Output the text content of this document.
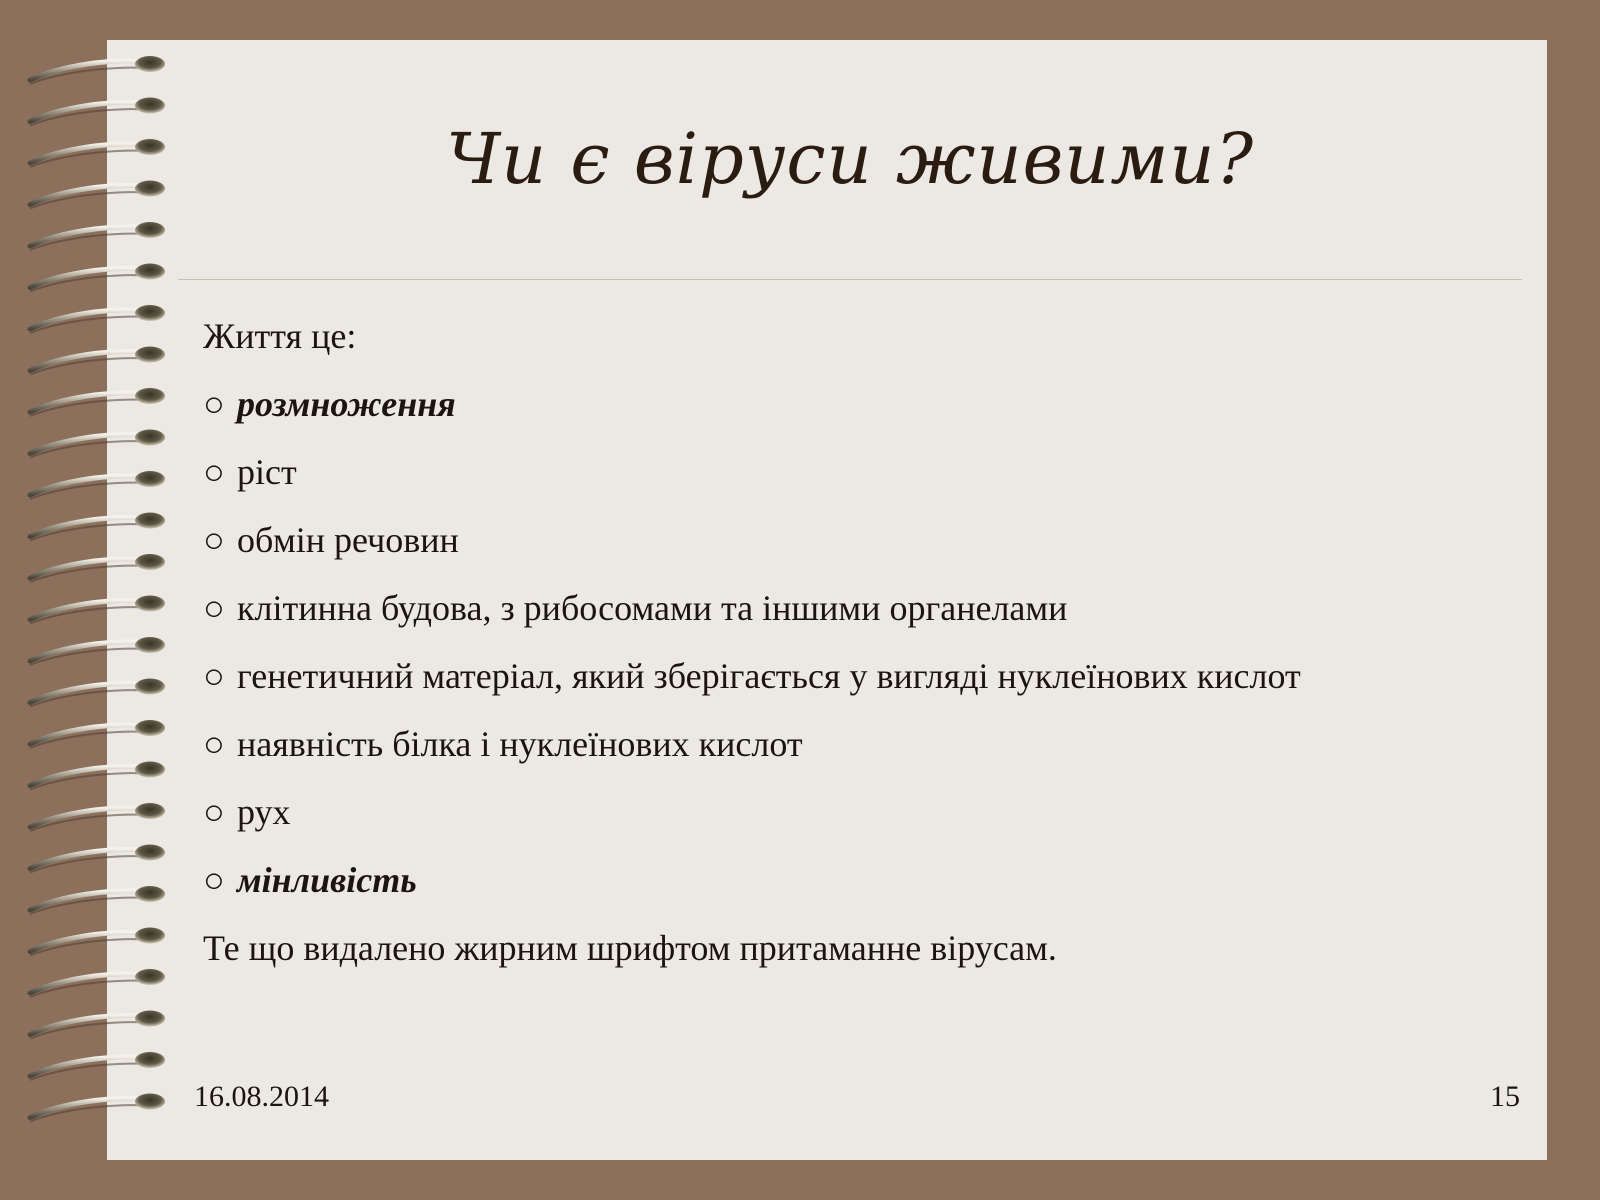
Чи є віруси живими?
Життя це:
○ розмноження
○ ріст
○ обмін речовин
○ клітинна будова, з рибосомами та іншими органелами
○ генетичний матеріал, який зберігається у вигляді нуклеїнових кислот
○ наявність білка і нуклеїнових кислот
○ рух
○ мінливість
Те що видалено жирним шрифтом притаманне вірусам.
16.08.2014	15
